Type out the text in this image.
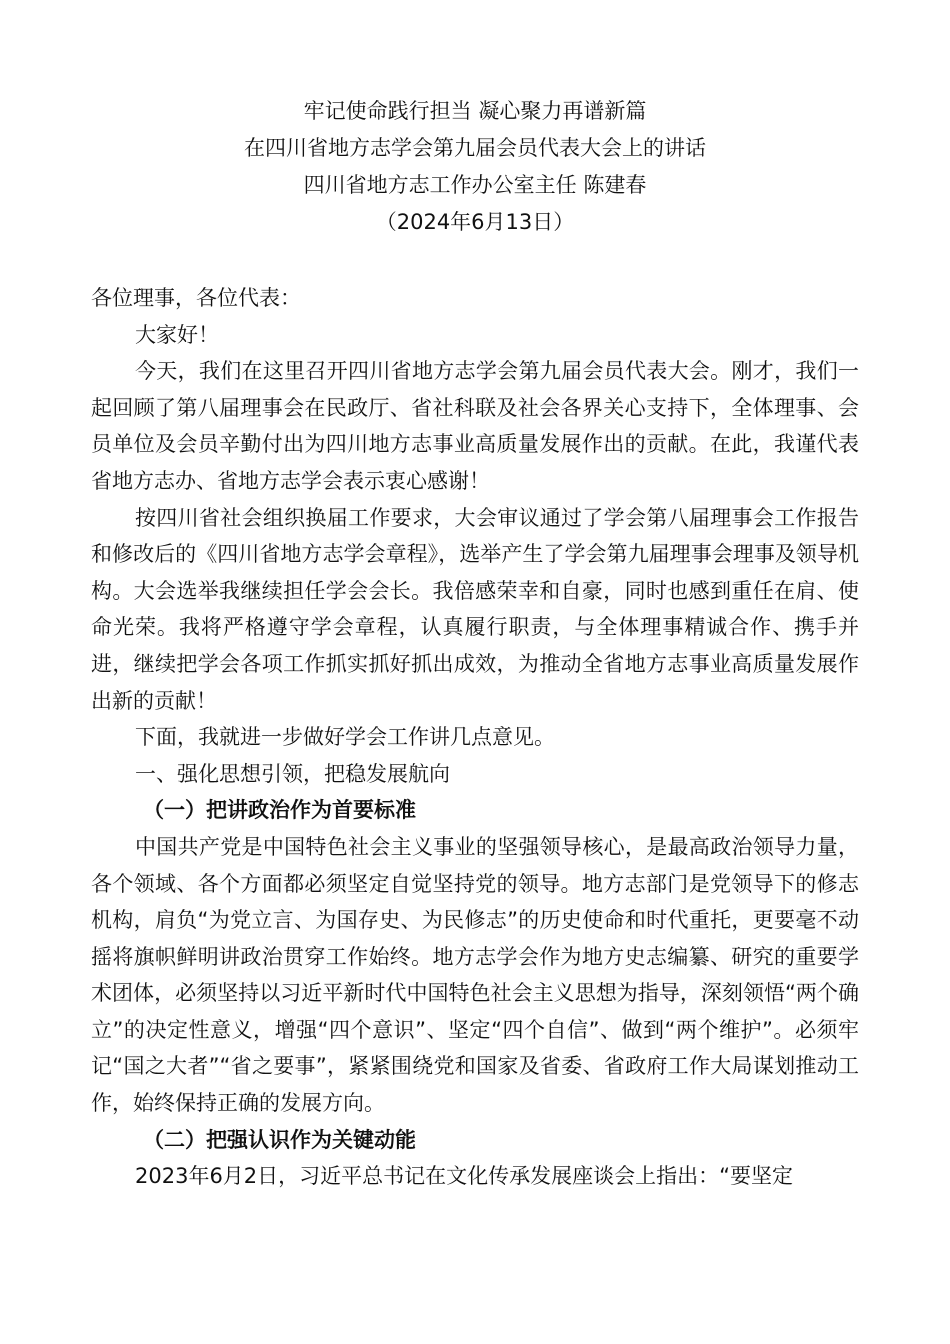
牢记使命践行担当 凝心聚力再谱新篇
在四川省地方志学会第九届会员代表大会上的讲话
四川省地方志工作办公室主任 陈建春
（2024年6月13日）

各位理事，各位代表：

大家好！

今天，我们在这里召开四川省地方志学会第九届会员代表大会。刚才，我们一起回顾了第八届理事会在民政厅、省社科联及社会各界关心支持下，全体理事、会员单位及会员辛勤付出为四川地方志事业高质量发展作出的贡献。在此，我谨代表省地方志办、省地方志学会表示衷心感谢！

按四川省社会组织换届工作要求，大会审议通过了学会第八届理事会工作报告和修改后的《四川省地方志学会章程》，选举产生了学会第九届理事会理事及领导机构。大会选举我继续担任学会会长。我倍感荣幸和自豪，同时也感到重任在肩、使命光荣。我将严格遵守学会章程，认真履行职责，与全体理事精诚合作、携手并进，继续把学会各项工作抓实抓好抓出成效，为推动全省地方志事业高质量发展作出新的贡献！

下面，我就进一步做好学会工作讲几点意见。

一、强化思想引领，把稳发展航向

（一）把讲政治作为首要标准

中国共产党是中国特色社会主义事业的坚强领导核心，是最高政治领导力量，各个领域、各个方面都必须坚定自觉坚持党的领导。地方志部门是党领导下的修志机构，肩负“为党立言、为国存史、为民修志”的历史使命和时代重托，更要毫不动摇将旗帜鲜明讲政治贯穿工作始终。地方志学会作为地方史志编纂、研究的重要学术团体，必须坚持以习近平新时代中国特色社会主义思想为指导，深刻领悟“两个确立”的决定性意义，增强“四个意识”、坚定“四个自信”、做到“两个维护”。必须牢记“国之大者”“省之要事”，紧紧围绕党和国家及省委、省政府工作大局谋划推动工作，始终保持正确的发展方向。

（二）把强认识作为关键动能

2023年6月2日，习近平总书记在文化传承发展座谈会上指出：“要坚定
